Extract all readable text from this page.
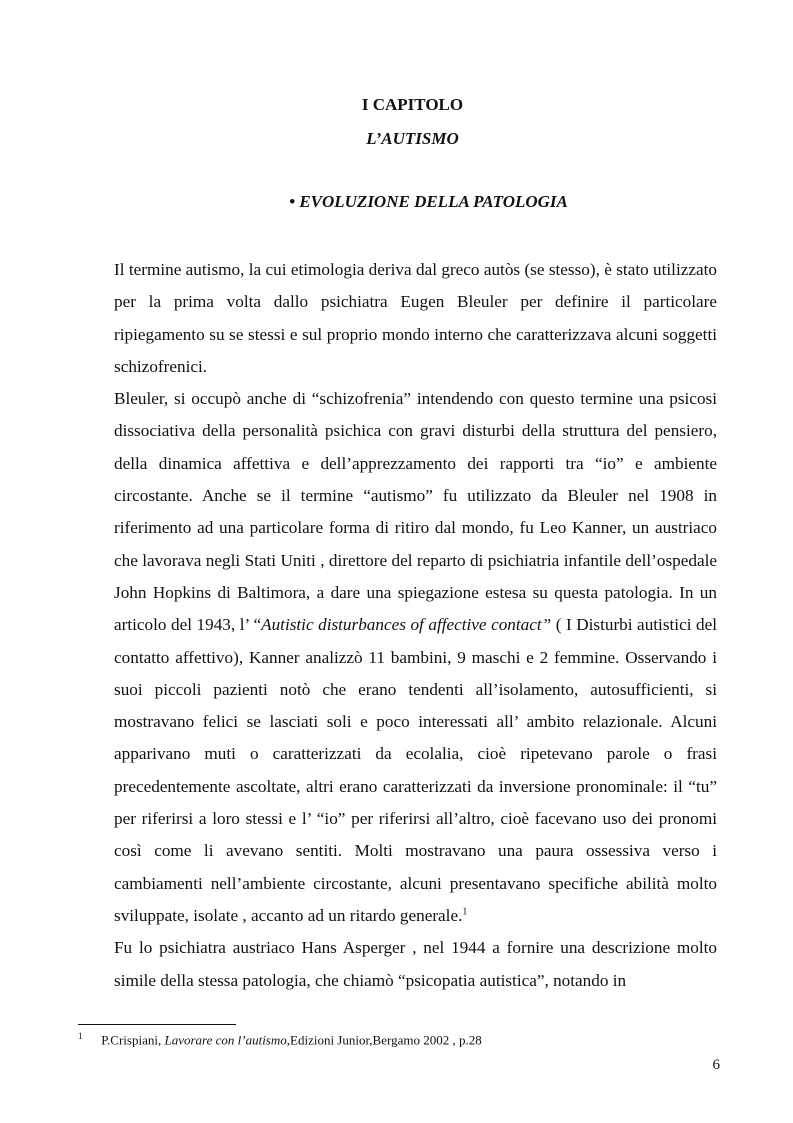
I CAPITOLO
L’AUTISMO
• EVOLUZIONE DELLA PATOLOGIA

Il termine autismo, la cui etimologia deriva dal greco autòs (se stesso), è stato utilizzato per la prima volta dallo psichiatra Eugen Bleuler per definire il particolare ripiegamento su se stessi e sul proprio mondo interno che caratterizzava alcuni soggetti schizofrenici.

Bleuler, si occupò anche di “schizofrenia” intendendo con questo termine una psicosi dissociativa della personalità psichica con gravi disturbi della struttura del pensiero, della dinamica affettiva e dell’apprezzamento dei rapporti tra “io” e ambiente circostante. Anche se il termine “autismo” fu utilizzato da Bleuler nel 1908 in riferimento ad una particolare forma di ritiro dal mondo, fu Leo Kanner, un austriaco che lavorava negli Stati Uniti , direttore del reparto di psichiatria infantile dell’ospedale John Hopkins di Baltimora, a dare una spiegazione estesa su questa patologia. In un articolo del 1943, l’ “Autistic disturbances of affective contact” ( I Disturbi autistici del contatto affettivo), Kanner analizzò 11 bambini, 9 maschi e 2 femmine. Osservando i suoi piccoli pazienti notò che erano tendenti all’isolamento, autosufficienti, si mostravano felici se lasciati soli e poco interessati all’ ambito relazionale. Alcuni apparivano muti o caratterizzati da ecolalia, cioè ripetevano parole o frasi precedentemente ascoltate, altri erano caratterizzati da inversione pronominale: il “tu” per riferirsi a loro stessi e l’ “io” per riferirsi all’altro, cioè facevano uso dei pronomi così come li avevano sentiti. Molti mostravano una paura ossessiva verso i cambiamenti nell’ambiente circostante, alcuni presentavano specifiche abilità molto sviluppate, isolate , accanto ad un ritardo generale.$^1$

Fu lo psichiatra austriaco Hans Asperger , nel 1944 a fornire una descrizione molto simile della stessa patologia, che chiamò “psicopatia autistica”, notando in

1 P.Crispiani, Lavorare con l’autismo,Edizioni Junior,Bergamo 2002 , p.28
6
